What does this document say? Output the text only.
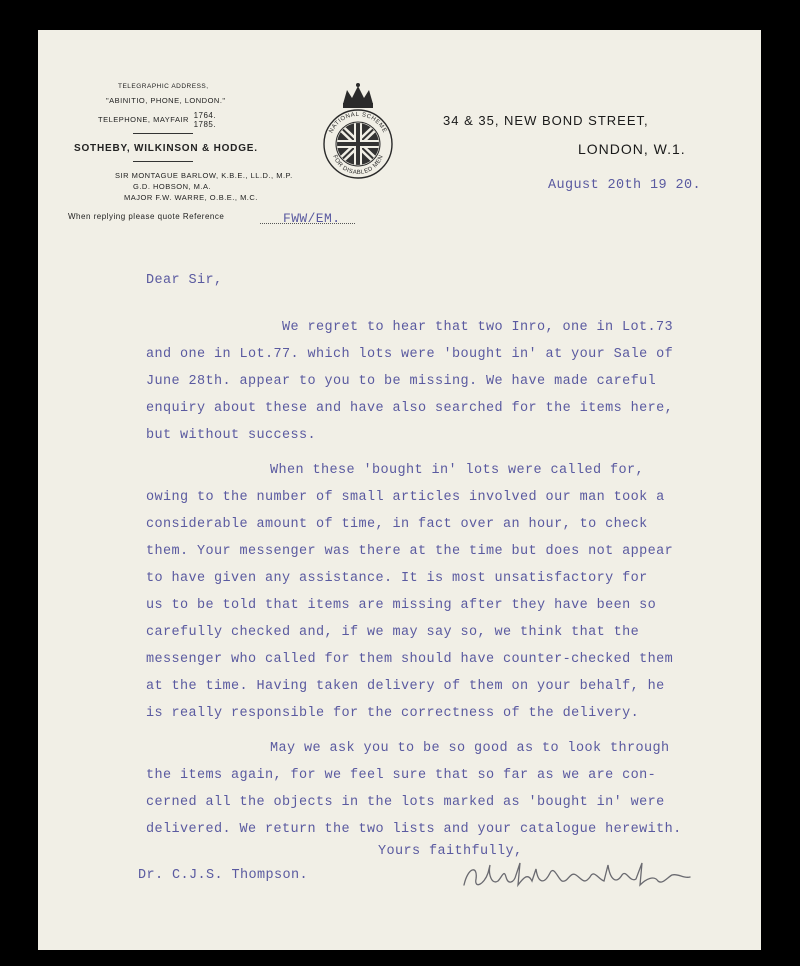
TELEGRAPHIC ADDRESS,
"ABINITIO, PHONE, LONDON."
TELEPHONE, MAYFAIR 1764.
1785.
SOTHEBY, WILKINSON & HODGE.
SIR MONTAGUE BARLOW, K.B.E., LL.D., M.P.
G.D. HOBSON, M.A.
MAJOR F.W. WARRE, O.B.E., M.C.
When replying please quote Reference	FWW/EM.
NATIONAL SCHEME
FOR DISABLED MEN
34 & 35, NEW BOND STREET,
LONDON, W.1.
August 20th 19 20.
Dear Sir,
We regret to hear that two Inro, one in Lot.73
and one in Lot.77. which lots were 'bought in' at your Sale of
June 28th. appear to you to be missing. We have made careful
enquiry about these and have also searched for the items here,
but without success.
When these 'bought in' lots were called for,
owing to the number of small articles involved our man took a
considerable amount of time, in fact over an hour, to check
them. Your messenger was there at the time but does not appear
to have given any assistance. It is most unsatisfactory for
us to be told that items are missing after they have been so
carefully checked and, if we may say so, we think that the
messenger who called for them should have counter-checked them
at the time. Having taken delivery of them on your behalf, he
is really responsible for the correctness of the delivery.
May we ask you to be so good as to look through
the items again, for we feel sure that so far as we are con-
cerned all the objects in the lots marked as 'bought in' were
delivered. We return the two lists and your catalogue herewith.
Yours faithfully,
Dr. C.J.S. Thompson.
